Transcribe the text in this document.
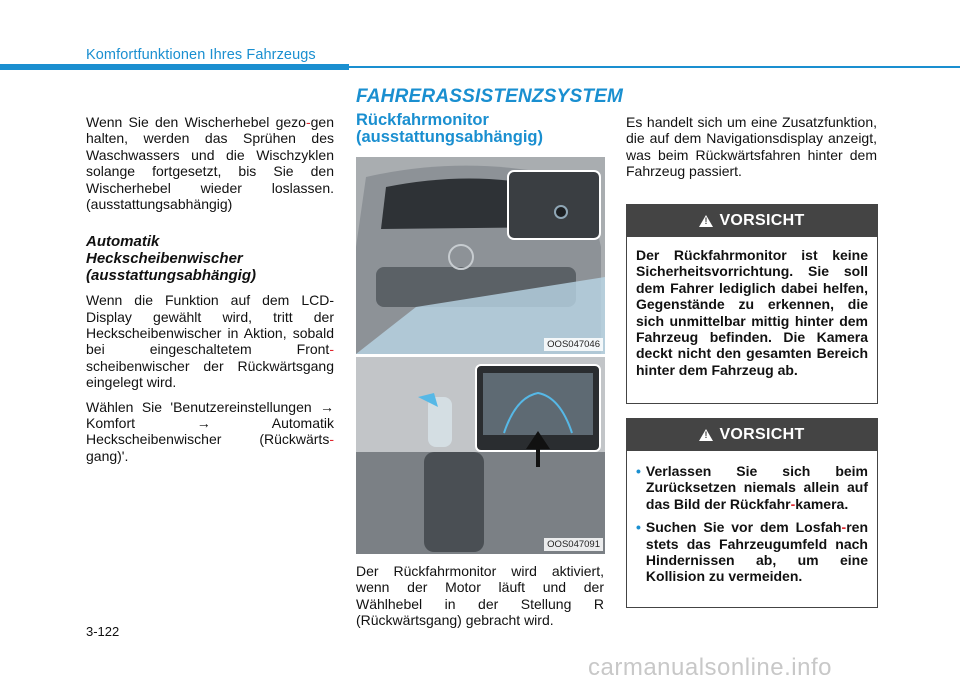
Komfortfunktionen Ihres Fahrzeugs
FAHRERASSISTENZSYSTEM

Wenn Sie den Wischerhebel gezo-gen halten, werden das Sprühen des Waschwassers und die Wischzyklen solange fortgesetzt, bis Sie den Wischerhebel wieder loslassen. (ausstattungsabhängig)

Automatik Heckscheibenwischer (ausstattungsabhängig)

Wenn die Funktion auf dem LCD-Display gewählt wird, tritt der Heckscheibenwischer in Aktion, sobald bei eingeschaltetem Front-scheibenwischer der Rückwärtsgang eingelegt wird.

Wählen Sie 'Benutzereinstellungen → Komfort → Automatik Heckscheibenwischer (Rückwärts-gang)'.

Rückfahrmonitor (ausstattungsabhängig)
OOS047046
OOS047091

Der Rückfahrmonitor wird aktiviert, wenn der Motor läuft und der Wählhebel in der Stellung R (Rückwärtsgang) gebracht wird.

Es handelt sich um eine Zusatzfunktion, die auf dem Navigationsdisplay anzeigt, was beim Rückwärtsfahren hinter dem Fahrzeug passiert.

! VORSICHT

Der Rückfahrmonitor ist keine Sicherheitsvorrichtung. Sie soll dem Fahrer lediglich dabei helfen, Gegenstände zu erkennen, die sich unmittelbar mittig hinter dem Fahrzeug befinden. Die Kamera deckt nicht den gesamten Bereich hinter dem Fahrzeug ab.

! VORSICHT
• Verlassen Sie sich beim Zurücksetzen niemals allein auf das Bild der Rückfahr-kamera.

• Suchen Sie vor dem Losfah-ren stets das Fahrzeugumfeld nach Hindernissen ab, um eine Kollision zu vermeiden.

3-122
carmanualsonline.info
